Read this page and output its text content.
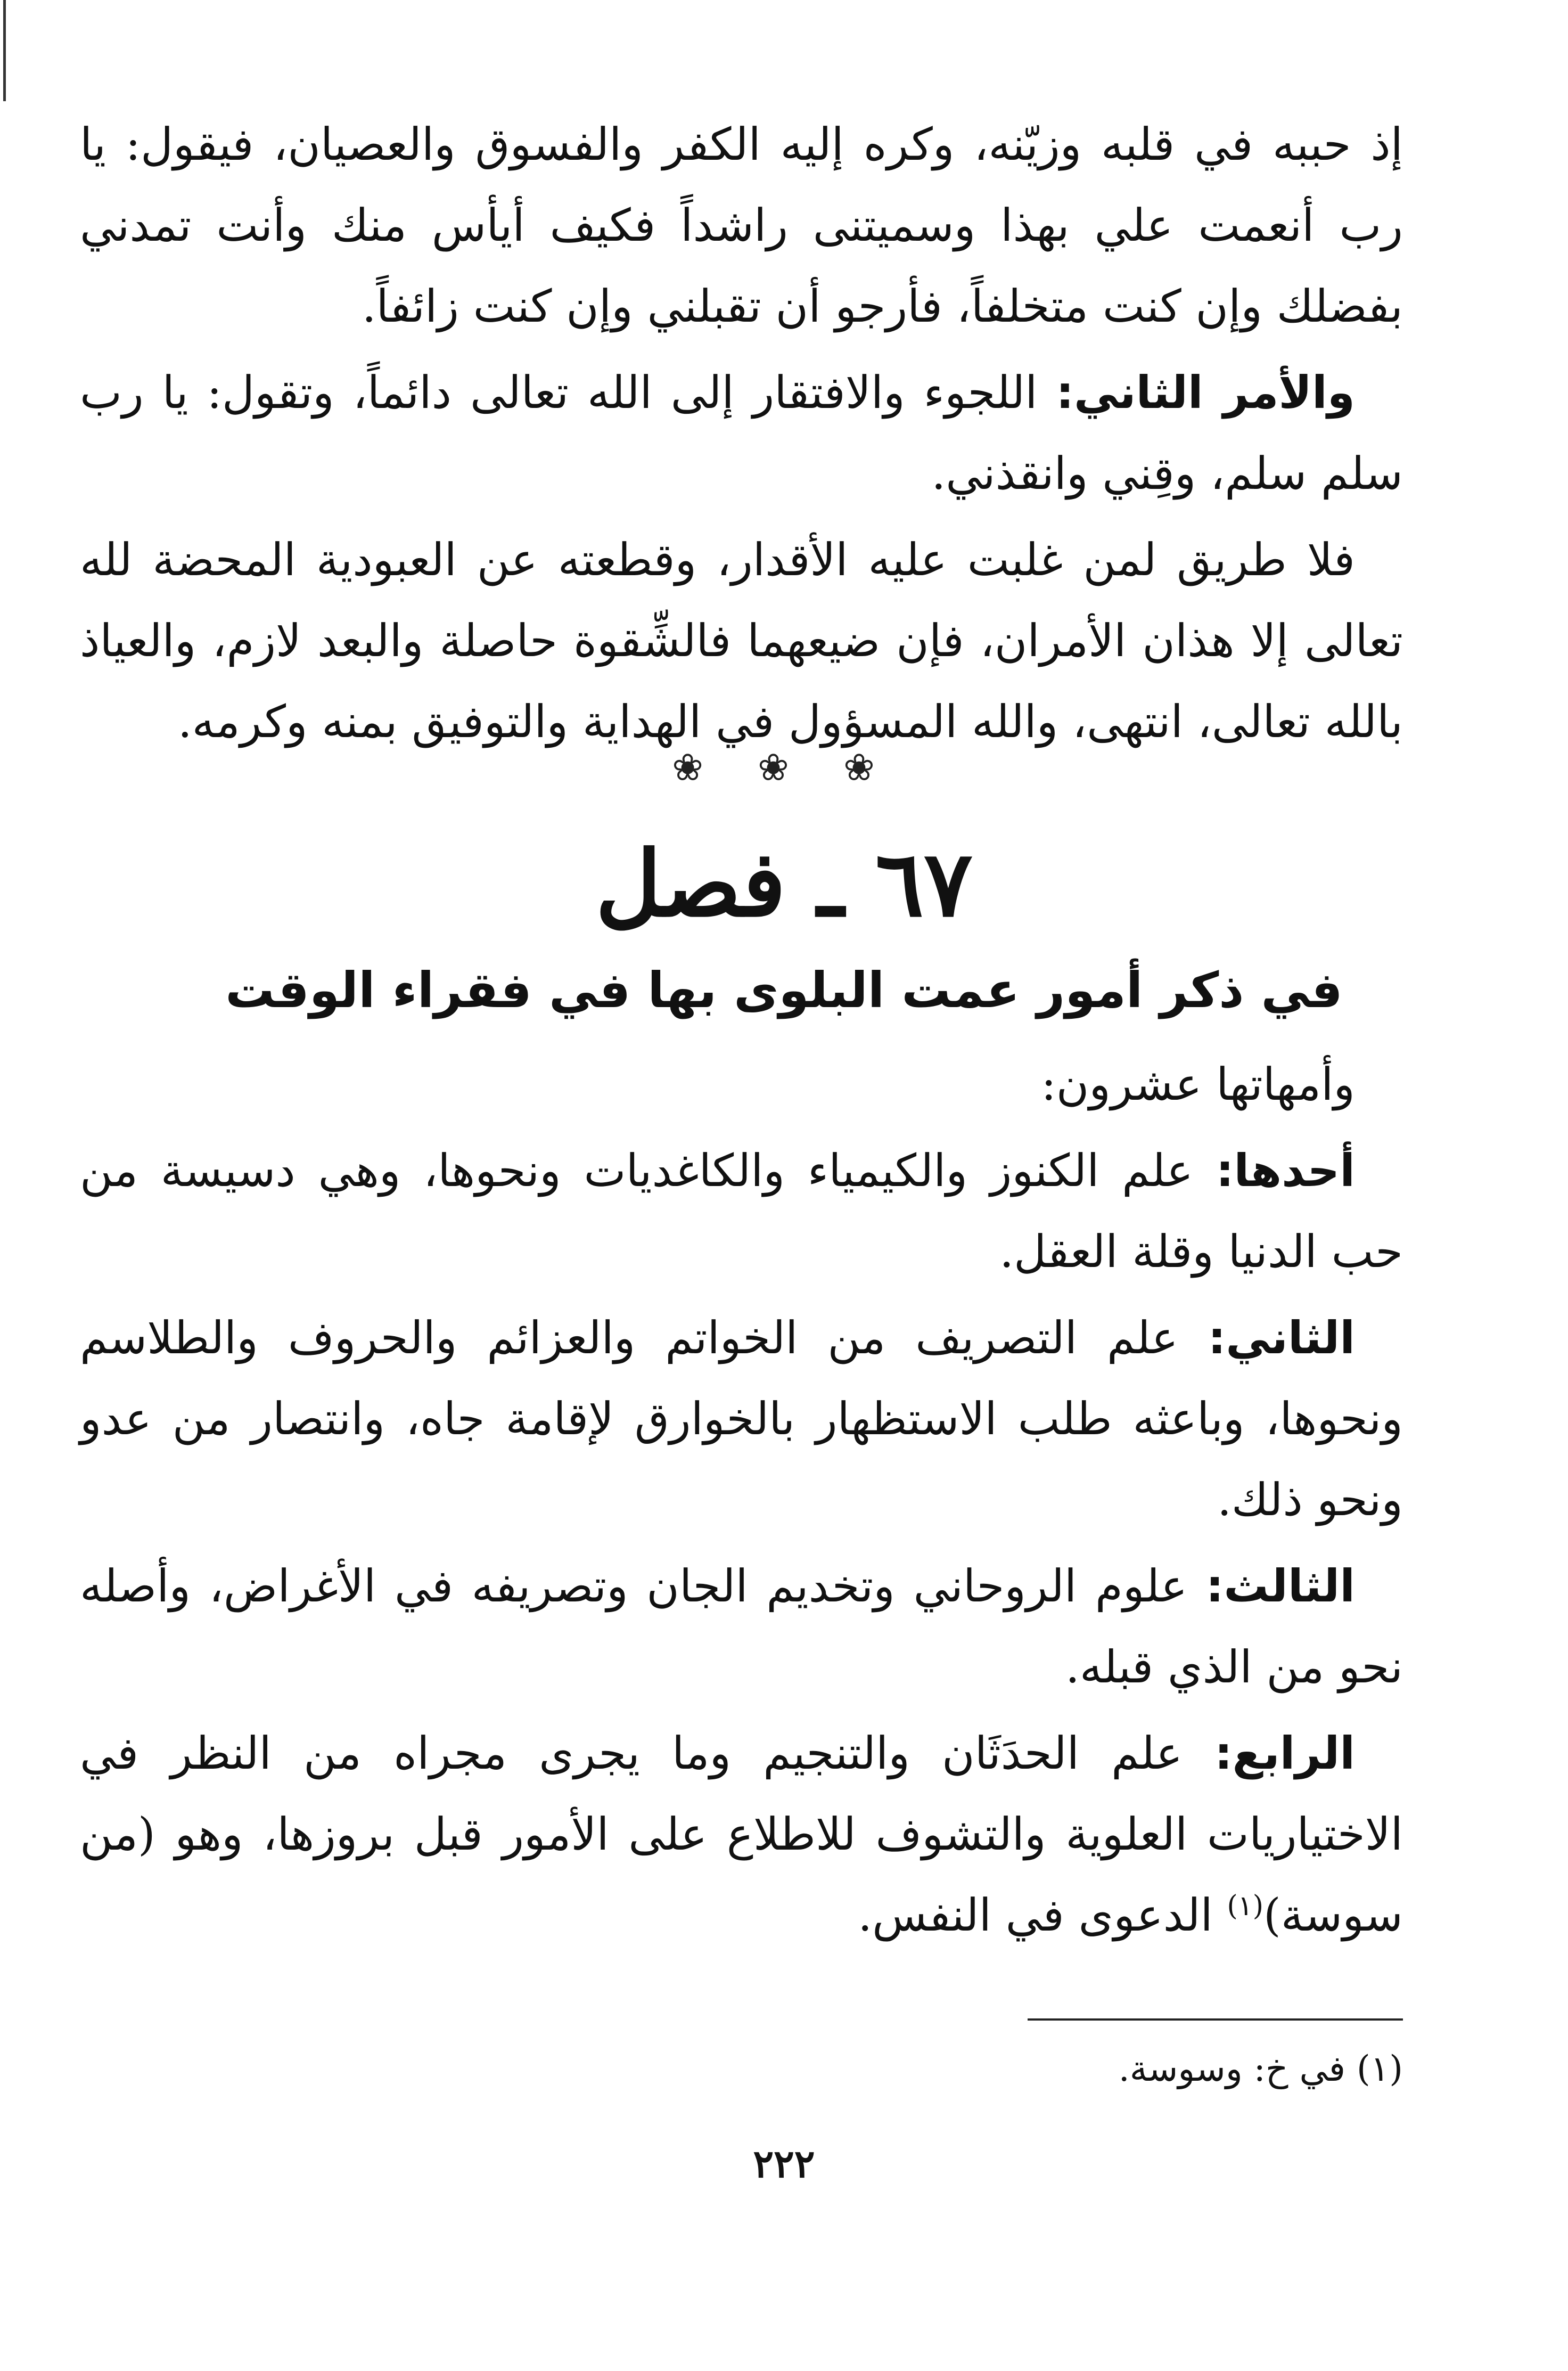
إذ حببه في قلبه وزيّنه، وكره إليه الكفر والفسوق والعصيان، فيقول: يا رب أنعمت علي بهذا وسميتنى راشداً فكيف أيأس منك وأنت تمدني بفضلك وإن كنت متخلفاً، فأرجو أن تقبلني وإن كنت زائفاً.

والأمر الثاني: اللجوء والافتقار إلى الله تعالى دائماً، وتقول: يا رب سلم سلم، وقِني وانقذني.

فلا طريق لمن غلبت عليه الأقدار، وقطعته عن العبودية المحضة لله تعالى إلا هذان الأمران، فإن ضيعهما فالشِّقوة حاصلة والبعد لازم، والعياذ بالله تعالى، انتهى، والله المسؤول في الهداية والتوفيق بمنه وكرمه.

❀ ❀ ❀
٦٧ ـ فصل
في ذكر أمور عمت البلوى بها في فقراء الوقت

وأمهاتها عشرون:

أحدها: علم الكنوز والكيمياء والكاغديات ونحوها، وهي دسيسة من حب الدنيا وقلة العقل.

الثاني: علم التصريف من الخواتم والعزائم والحروف والطلاسم ونحوها، وباعثه طلب الاستظهار بالخوارق لإقامة جاه، وانتصار من عدو ونحو ذلك.

الثالث: علوم الروحاني وتخديم الجان وتصريفه في الأغراض، وأصله نحو من الذي قبله.

الرابع: علم الحدَثَان والتنجيم وما يجرى مجراه من النظر في الاختياريات العلوية والتشوف للاطلاع على الأمور قبل بروزها، وهو (من سوسة)$^{(١)}$ الدعوى في النفس.

(١) في خ: وسوسة.
٢٢٢
